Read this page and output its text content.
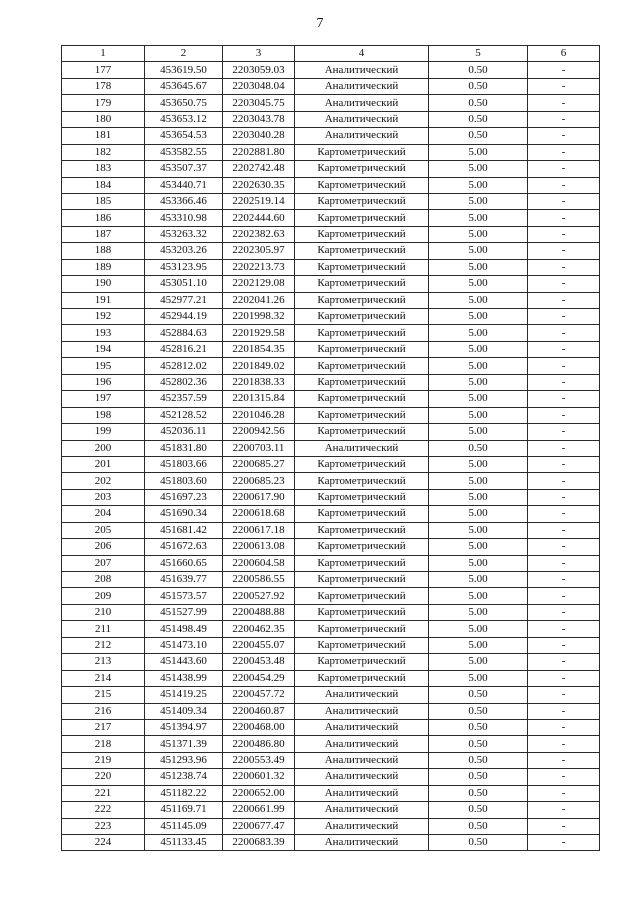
7
1	2	3	4	5	6
177	453619.50	2203059.03	Аналитический	0.50	-
178	453645.67	2203048.04	Аналитический	0.50	-
179	453650.75	2203045.75	Аналитический	0.50	-
180	453653.12	2203043.78	Аналитический	0.50	-
181	453654.53	2203040.28	Аналитический	0.50	-
182	453582.55	2202881.80	Картометрический	5.00	-
183	453507.37	2202742.48	Картометрический	5.00	-
184	453440.71	2202630.35	Картометрический	5.00	-
185	453366.46	2202519.14	Картометрический	5.00	-
186	453310.98	2202444.60	Картометрический	5.00	-
187	453263.32	2202382.63	Картометрический	5.00	-
188	453203.26	2202305.97	Картометрический	5.00	-
189	453123.95	2202213.73	Картометрический	5.00	-
190	453051.10	2202129.08	Картометрический	5.00	-
191	452977.21	2202041.26	Картометрический	5.00	-
192	452944.19	2201998.32	Картометрический	5.00	-
193	452884.63	2201929.58	Картометрический	5.00	-
194	452816.21	2201854.35	Картометрический	5.00	-
195	452812.02	2201849.02	Картометрический	5.00	-
196	452802.36	2201838.33	Картометрический	5.00	-
197	452357.59	2201315.84	Картометрический	5.00	-
198	452128.52	2201046.28	Картометрический	5.00	-
199	452036.11	2200942.56	Картометрический	5.00	-
200	451831.80	2200703.11	Аналитический	0.50	-
201	451803.66	2200685.27	Картометрический	5.00	-
202	451803.60	2200685.23	Картометрический	5.00	-
203	451697.23	2200617.90	Картометрический	5.00	-
204	451690.34	2200618.68	Картометрический	5.00	-
205	451681.42	2200617.18	Картометрический	5.00	-
206	451672.63	2200613.08	Картометрический	5.00	-
207	451660.65	2200604.58	Картометрический	5.00	-
208	451639.77	2200586.55	Картометрический	5.00	-
209	451573.57	2200527.92	Картометрический	5.00	-
210	451527.99	2200488.88	Картометрический	5.00	-
211	451498.49	2200462.35	Картометрический	5.00	-
212	451473.10	2200455.07	Картометрический	5.00	-
213	451443.60	2200453.48	Картометрический	5.00	-
214	451438.99	2200454.29	Картометрический	5.00	-
215	451419.25	2200457.72	Аналитический	0.50	-
216	451409.34	2200460.87	Аналитический	0.50	-
217	451394.97	2200468.00	Аналитический	0.50	-
218	451371.39	2200486.80	Аналитический	0.50	-
219	451293.96	2200553.49	Аналитический	0.50	-
220	451238.74	2200601.32	Аналитический	0.50	-
221	451182.22	2200652.00	Аналитический	0.50	-
222	451169.71	2200661.99	Аналитический	0.50	-
223	451145.09	2200677.47	Аналитический	0.50	-
224	451133.45	2200683.39	Аналитический	0.50	-
